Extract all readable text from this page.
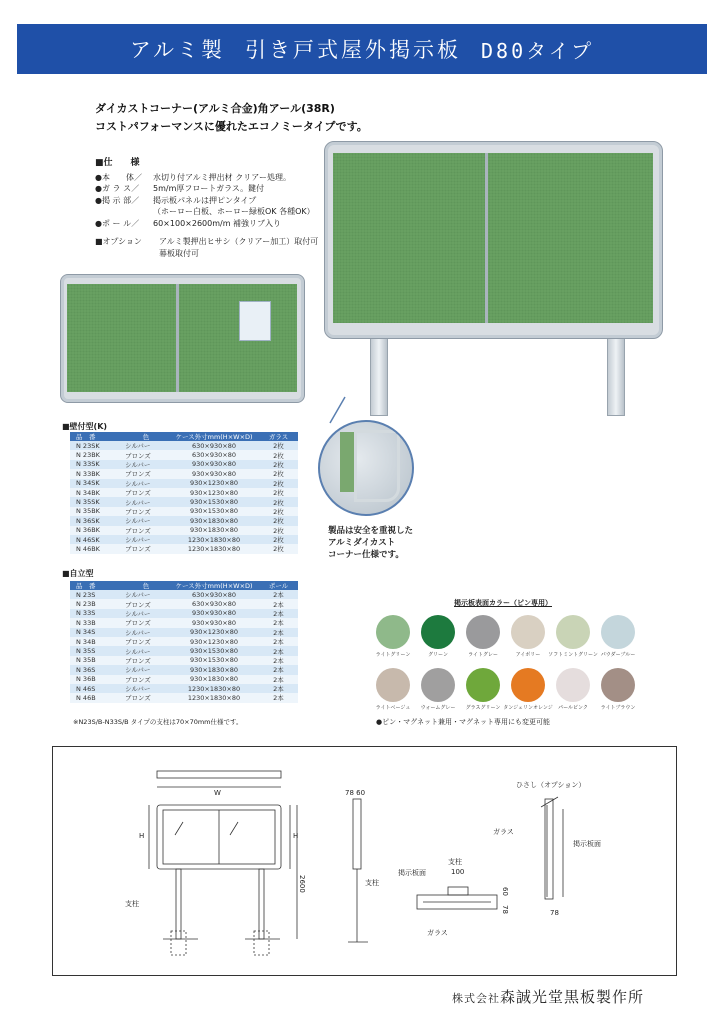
アルミ製 引き戸式屋外掲示板 D80タイプ
ダイカストコーナー(アルミ合金)角アール(38R)
コストパフォーマンスに優れたエコノミータイプです。
■仕　　様
●本　　体／	水切り付アルミ押出材 クリアー処理。
●ガ ラ ス／	5m/m厚フロートガラス。鍵付
●掲 示 部／	掲示板パネルは押ピンタイプ
（ホーロー白板、ホーロー緑板OK 各種OK）
●ポ ー ル／	60×100×2600m/m 補強リブ入り
■オプション	アルミ製押出ヒサシ（クリアー加工）取付可
幕板取付可
製品は安全を重視した
アルミダイカスト
コーナー仕様です。
■壁付型(K)
品　番	色	ケース外寸mm(H×W×D)	ガラス
N 23SK	シルバー	630×930×80	2枚
N 23BK	ブロンズ	630×930×80	2枚
N 33SK	シルバー	930×930×80	2枚
N 33BK	ブロンズ	930×930×80	2枚
N 34SK	シルバー	930×1230×80	2枚
N 34BK	ブロンズ	930×1230×80	2枚
N 35SK	シルバー	930×1530×80	2枚
N 35BK	ブロンズ	930×1530×80	2枚
N 36SK	シルバー	930×1830×80	2枚
N 36BK	ブロンズ	930×1830×80	2枚
N 46SK	シルバー	1230×1830×80	2枚
N 46BK	ブロンズ	1230×1830×80	2枚
■自立型
品　番	色	ケース外寸mm(H×W×D)	ポール
N 23S	シルバー	630×930×80	2本
N 23B	ブロンズ	630×930×80	2本
N 33S	シルバー	930×930×80	2本
N 33B	ブロンズ	930×930×80	2本
N 34S	シルバー	930×1230×80	2本
N 34B	ブロンズ	930×1230×80	2本
N 35S	シルバー	930×1530×80	2本
N 35B	ブロンズ	930×1530×80	2本
N 36S	シルバー	930×1830×80	2本
N 36B	ブロンズ	930×1830×80	2本
N 46S	シルバー	1230×1830×80	2本
N 46B	ブロンズ	1230×1830×80	2本
※N23S/B-N33S/B タイプの支柱は70×70mm仕様です。
掲示板表面カラー（ピン専用）
ライトグリーン	グリーン	ライトグレー	アイボリー	ソフトミントグリーン パウダーブルー
ライトベージュ	ウォームグレー	グラスグリーン タンジェリンオレンジ	パールピンク	ライトブラウン
●ピン・マグネット兼用・マグネット専用にも変更可能
W
H	H
2600
支柱
78 60
支柱
支柱
100
掲示板面
ガラス
60
78
ひさし（オプション）
ガラス
掲示板面
78
株式会社森誠光堂黒板製作所
